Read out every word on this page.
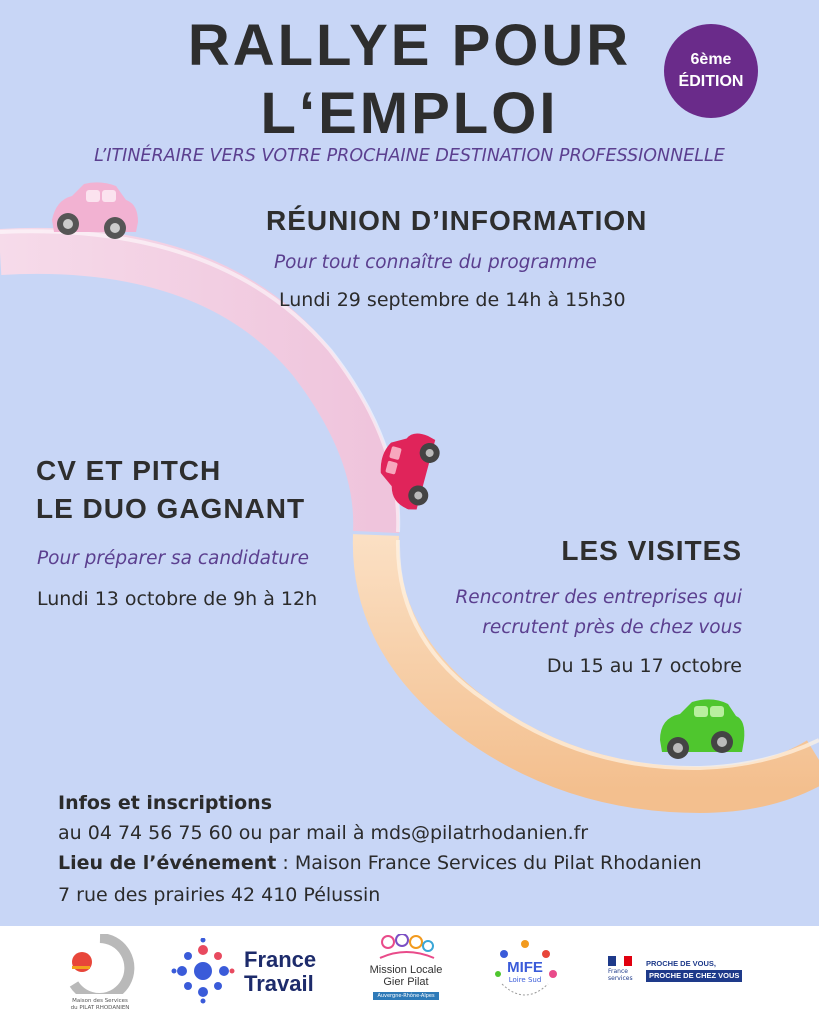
RALLYE POUR
L‘EMPLOI
6ème
ÉDITION
L’ITINÉRAIRE VERS VOTRE PROCHAINE DESTINATION PROFESSIONNELLE
RÉUNION D’INFORMATION
Pour tout connaître du programme
Lundi 29 septembre de 14h à 15h30
CV ET PITCH
LE DUO GAGNANT
Pour préparer sa candidature
Lundi 13 octobre de 9h à 12h
LES VISITES
Rencontrer des entreprises qui
recrutent près de chez vous
Du 15 au 17 octobre
Infos et inscriptions
au 04 74 56 75 60 ou par mail à mds@pilatrhodanien.fr
Lieu de l’événement : Maison France Services du Pilat Rhodanien
7 rue des prairies 42 410 Pélussin
Maison des Services
du PILAT RHODANIEN
France
Travail
Mission Locale
Gier Pilat
Auvergne-Rhône-Alpes
MIFE
Loire Sud
France
services
PROCHE DE VOUS,
PROCHE DE CHEZ VOUS
